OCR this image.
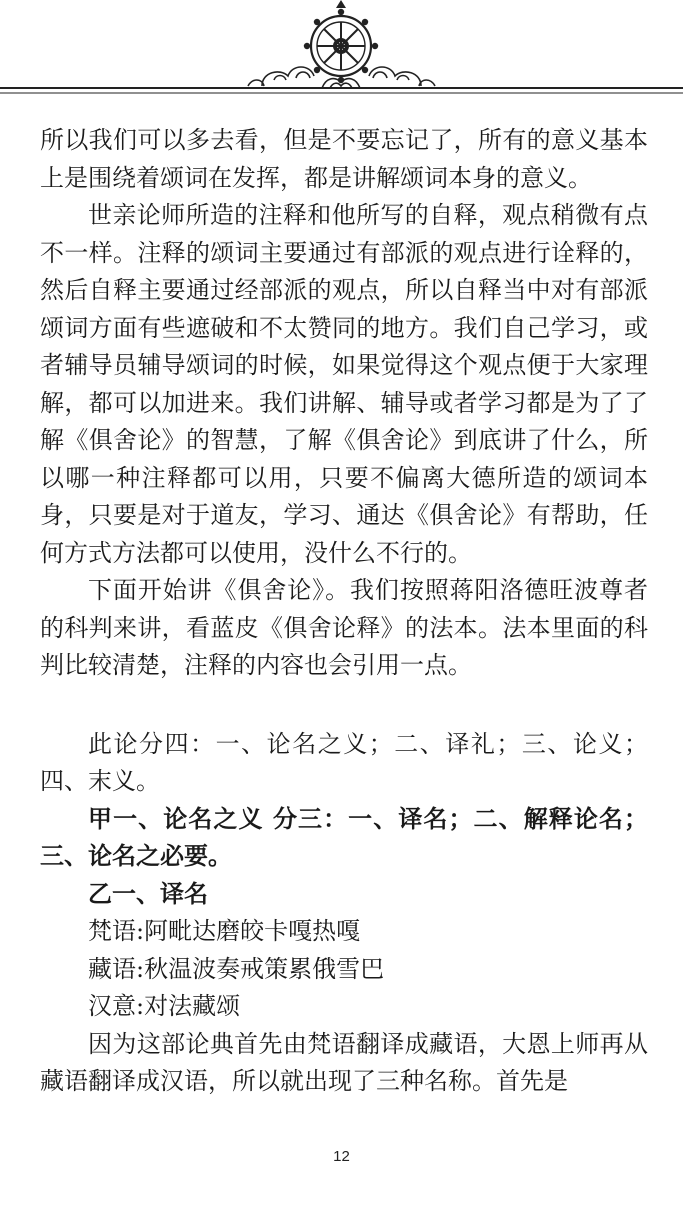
所以我们可以多去看，但是不要忘记了，所有的意义基本上是围绕着颂词在发挥，都是讲解颂词本身的意义。

世亲论师所造的注释和他所写的自释，观点稍微有点不一样。注释的颂词主要通过有部派的观点进行诠释的，然后自释主要通过经部派的观点，所以自释当中对有部派颂词方面有些遮破和不太赞同的地方。我们自己学习，或者辅导员辅导颂词的时候，如果觉得这个观点便于大家理解，都可以加进来。我们讲解、辅导或者学习都是为了了解《俱舍论》的智慧，了解《俱舍论》到底讲了什么，所以哪一种注释都可以用，只要不偏离大德所造的颂词本身，只要是对于道友，学习、通达《俱舍论》有帮助，任何方式方法都可以使用，没什么不行的。

下面开始讲《俱舍论》。我们按照蒋阳洛德旺波尊者的科判来讲，看蓝皮《俱舍论释》的法本。法本里面的科判比较清楚，注释的内容也会引用一点。

此论分四：一、论名之义；二、译礼；三、论义；四、末义。

甲一、论名之义 分三：一、译名；二、解释论名；三、论名之必要。

乙一、译名

梵语:阿毗达磨皎卡嘎热嘎

藏语:秋温波奏戒策累俄雪巴

汉意:对法藏颂

因为这部论典首先由梵语翻译成藏语，大恩上师再从藏语翻译成汉语，所以就出现了三种名称。首先是

12
